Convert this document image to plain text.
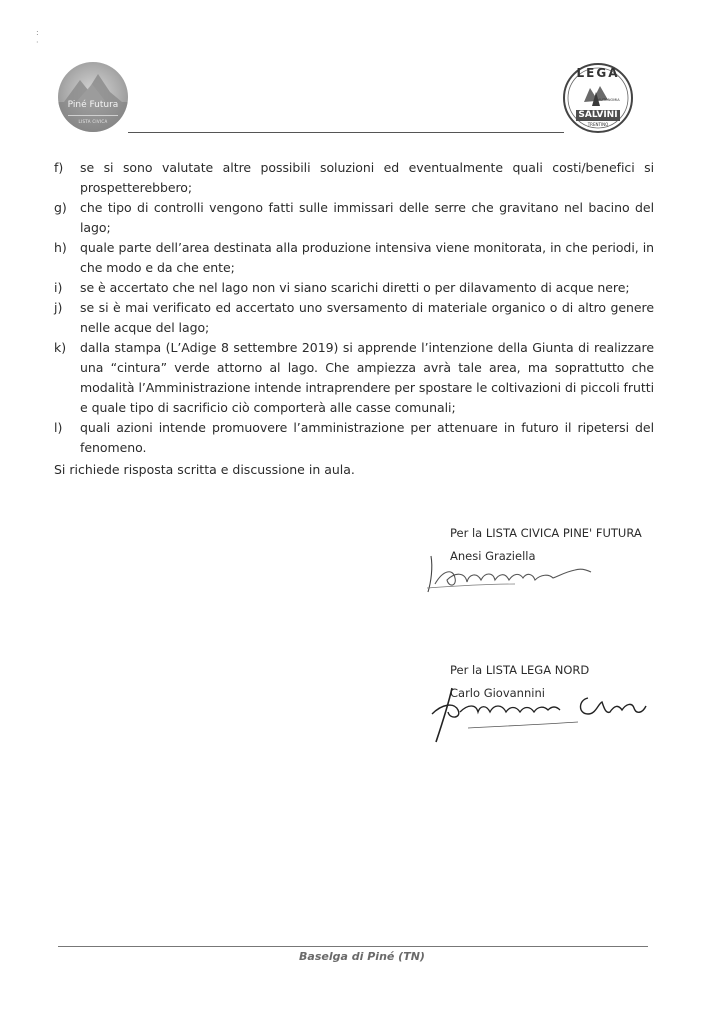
:
·
Piné Futura
LISTA CIVICA
LEGA
AUTONOMIA
SALVINI
TRENTINO
f)	se si sono valutate altre possibili soluzioni ed eventualmente quali costi/benefici si prospetterebbero;
g)	che tipo di controlli vengono fatti sulle immissari delle serre che gravitano nel bacino del lago;
h)	quale parte dell’area destinata alla produzione intensiva viene monitorata, in che periodi, in che modo e da che ente;
i)	se è accertato che nel lago non vi siano scarichi diretti o per dilavamento di acque nere;
j)	se si è mai verificato ed accertato uno sversamento di materiale organico o di altro genere nelle acque del lago;
k)	dalla stampa (L’Adige 8 settembre 2019) si apprende l’intenzione della Giunta di realizzare una “cintura” verde attorno al lago. Che ampiezza avrà tale area, ma soprattutto che modalità l’Amministrazione intende intraprendere per spostare le coltivazioni di piccoli frutti e quale tipo di sacrificio ciò comporterà alle casse comunali;
l)	quali azioni intende promuovere l’amministrazione per attenuare in futuro il ripetersi del fenomeno.
Si richiede risposta scritta e discussione in aula.
Per la LISTA CIVICA PINE' FUTURA
Anesi Graziella
Per la LISTA LEGA NORD
Carlo Giovannini
Baselga di Piné (TN)
